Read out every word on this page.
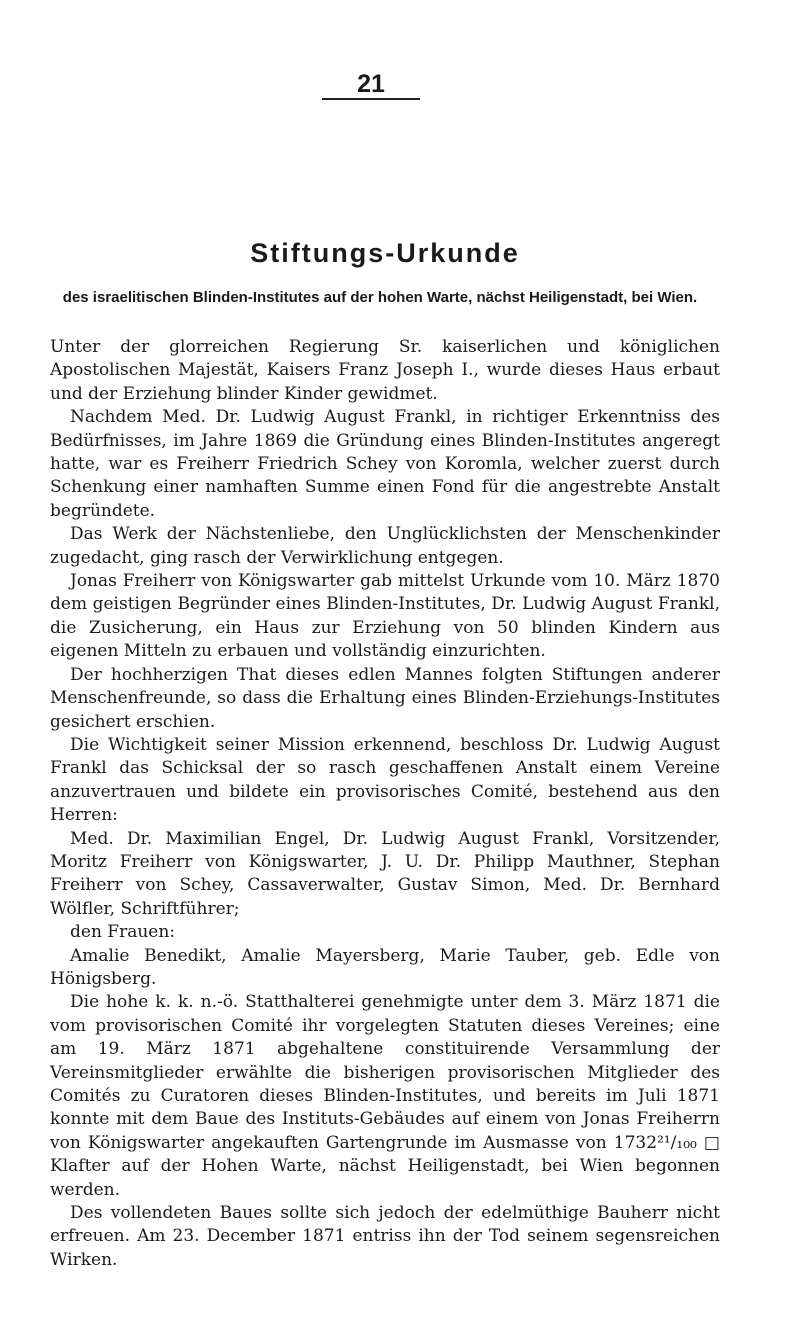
21
Stiftungs-Urkunde
des israelitischen Blinden-Institutes auf der hohen Warte, nächst Heiligenstadt, bei Wien.

Unter der glorreichen Regierung Sr. kaiserlichen und königlichen Apostolischen Majestät, Kaisers Franz Joseph I., wurde dieses Haus erbaut und der Erziehung blinder Kinder gewidmet.

Nachdem Med. Dr. Ludwig August Frankl, in richtiger Erkenntniss des Bedürfnisses, im Jahre 1869 die Gründung eines Blinden-Institutes angeregt hatte, war es Freiherr Friedrich Schey von Koromla, welcher zuerst durch Schenkung einer namhaften Summe einen Fond für die angestrebte Anstalt begründete.

Das Werk der Nächstenliebe, den Unglücklichsten der Menschenkinder zugedacht, ging rasch der Verwirklichung entgegen.

Jonas Freiherr von Königswarter gab mittelst Urkunde vom 10. März 1870 dem geistigen Begründer eines Blinden-Institutes, Dr. Ludwig August Frankl, die Zusicherung, ein Haus zur Erziehung von 50 blinden Kindern aus eigenen Mitteln zu erbauen und vollständig einzurichten.

Der hochherzigen That dieses edlen Mannes folgten Stiftungen anderer Menschenfreunde, so dass die Erhaltung eines Blinden-Erziehungs-Institutes gesichert erschien.

Die Wichtigkeit seiner Mission erkennend, beschloss Dr. Ludwig August Frankl das Schicksal der so rasch geschaffenen Anstalt einem Vereine anzuvertrauen und bildete ein provisorisches Comité, bestehend aus den Herren:

Med. Dr. Maximilian Engel, Dr. Ludwig August Frankl, Vorsitzender, Moritz Freiherr von Königswarter, J. U. Dr. Philipp Mauthner, Stephan Freiherr von Schey, Cassaverwalter, Gustav Simon, Med. Dr. Bernhard Wölfler, Schriftführer;

den Frauen:

Amalie Benedikt, Amalie Mayersberg, Marie Tauber, geb. Edle von Hönigsberg.

Die hohe k. k. n.-ö. Statthalterei genehmigte unter dem 3. März 1871 die vom provisorischen Comité ihr vorgelegten Statuten dieses Vereines; eine am 19. März 1871 abgehaltene constituirende Versammlung der Vereinsmitglieder erwählte die bisherigen provisorischen Mitglieder des Comités zu Curatoren dieses Blinden-Institutes, und bereits im Juli 1871 konnte mit dem Baue des Instituts-Gebäudes auf einem von Jonas Freiherrn von Königswarter angekauften Gartengrunde im Ausmasse von 1732²¹/₁₀₀ □ Klafter auf der Hohen Warte, nächst Heiligenstadt, bei Wien begonnen werden.

Des vollendeten Baues sollte sich jedoch der edelmüthige Bauherr nicht erfreuen. Am 23. December 1871 entriss ihn der Tod seinem segensreichen Wirken.
